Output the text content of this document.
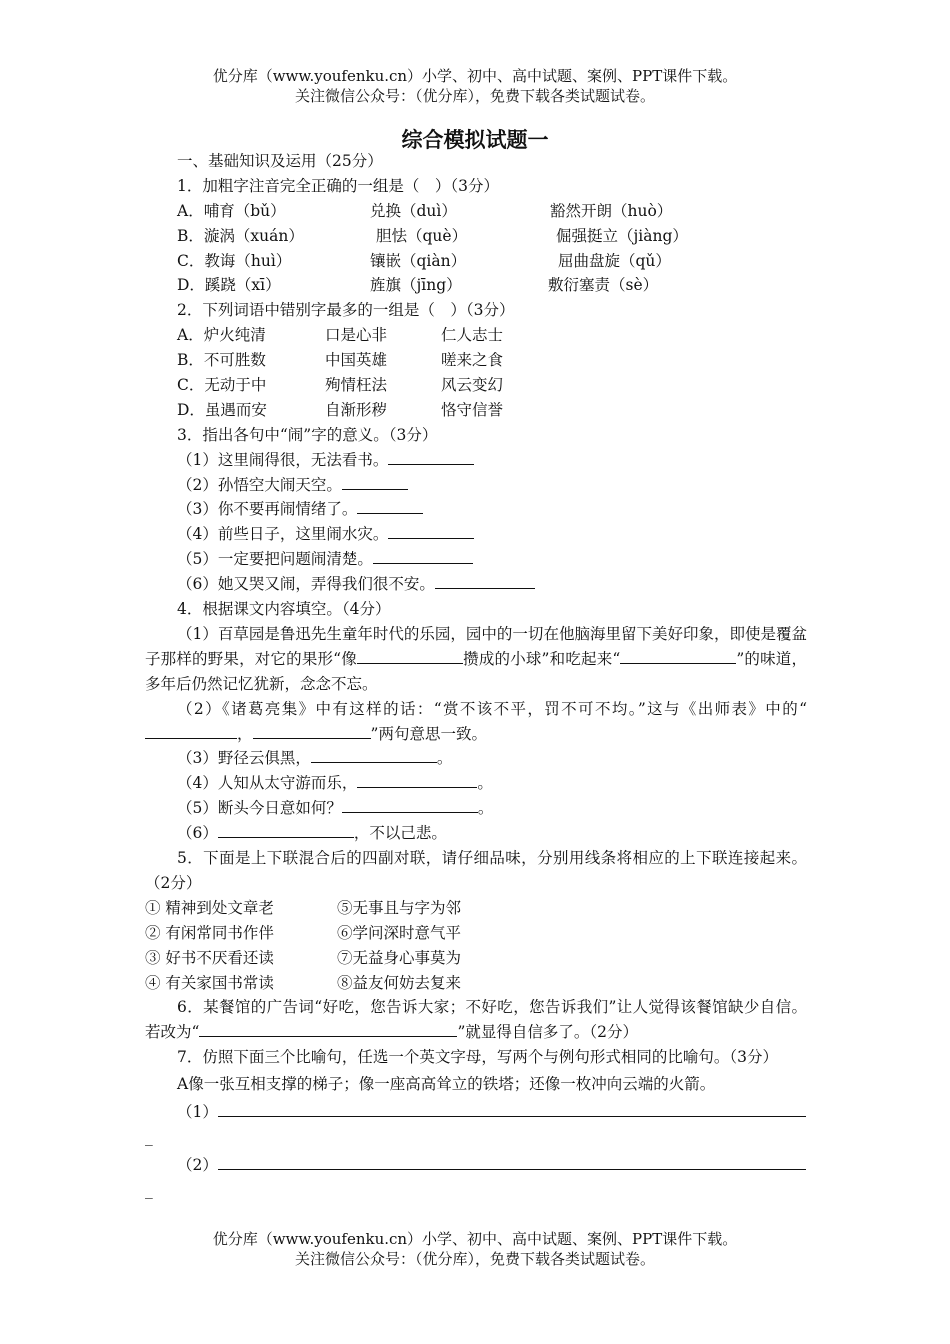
优分库（www.youfenku.cn）小学、初中、高中试题、案例、PPT课件下载。
关注微信公众号：（优分库），免费下载各类试题试卷。
综合模拟试题一
一、基础知识及运用（25分）
1．加粗字注音完全正确的一组是（　）（3分）
A．哺育（bǔ）	兑换（duì）	豁然开朗（huò）
B．漩涡（xuán）	胆怯（què）	倔强挺立（jiàng）
C．教诲（huì）	镶嵌（qiàn）	屈曲盘旋（qǔ）
D．蹊跷（xī）	旌旗（jīng）	敷衍塞责（sè）
2．下列词语中错别字最多的一组是（　）（3分）
A．炉火纯清	口是心非	仁人志士
B．不可胜数	中国英雄	嗟来之食
C．无动于中	殉情枉法	风云变幻
D．虽遇而安	自渐形秽	恪守信誉
3．指出各句中“闹”字的意义。（3分）
（1）这里闹得很，无法看书。
（2）孙悟空大闹天空。
（3）你不要再闹情绪了。
（4）前些日子，这里闹水灾。
（5）一定要把问题闹清楚。
（6）她又哭又闹，弄得我们很不安。
4．根据课文内容填空。（4分）
（1）百草园是鲁迅先生童年时代的乐园，园中的一切在他脑海里留下美好印象，即使是覆盆子那样的野果，对它的果形“像	攒成的小球”和吃起来“	”的味道，多年后仍然记忆犹新，念念不忘。
（2）《诸葛亮集》中有这样的话：“赏不该不平，罚不可不均。”这与《出师表》中的“，	”两句意思一致。
（3）野径云俱黑，	。
（4）人知从太守游而乐，	。
（5）断头今日意如何？	。
（6）	，不以己悲。
5．下面是上下联混合后的四副对联，请仔细品味，分别用线条将相应的上下联连接起来。（2分）
① 精神到处文章老	⑤无事且与字为邻
② 有闲常同书作伴	⑥学问深时意气平
③ 好书不厌看还读	⑦无益身心事莫为
④ 有关家国书常读	⑧益友何妨去复来
6．某餐馆的广告词“好吃，您告诉大家；不好吃，您告诉我们”让人觉得该餐馆缺少自信。若改为“	”就显得自信多了。（2分）
7．仿照下面三个比喻句，任选一个英文字母，写两个与例句形式相同的比喻句。（3分）
A像一张互相支撑的梯子；像一座高高耸立的铁塔；还像一枚冲向云端的火箭。
（1）
_
（2）
_
优分库（www.youfenku.cn）小学、初中、高中试题、案例、PPT课件下载。
关注微信公众号：（优分库），免费下载各类试题试卷。
